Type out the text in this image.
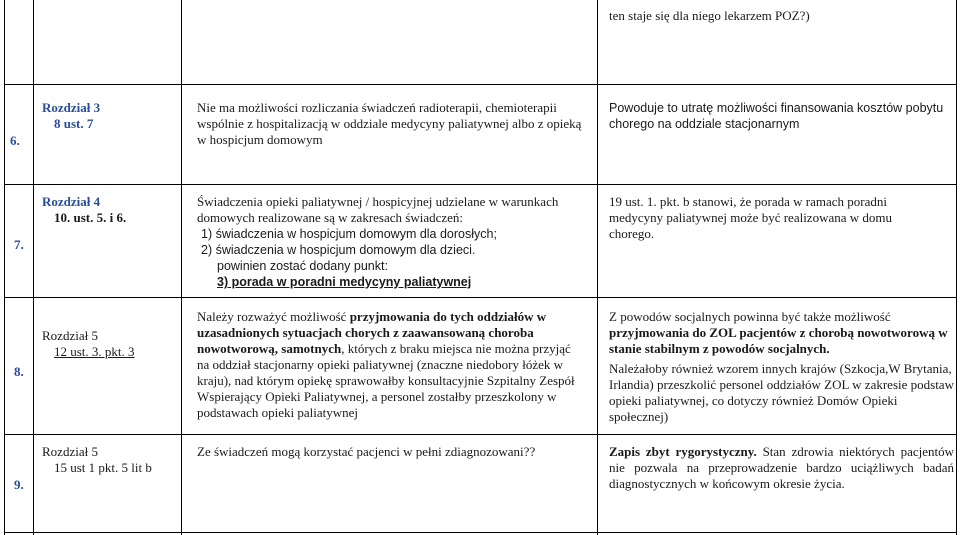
ten staje się dla niego lekarzem POZ?)
6.
Rozdział 3
8 ust. 7
Nie ma możliwości rozliczania świadczeń radioterapii, chemioterapii wspólnie z hospitalizacją w oddziale medycyny paliatywnej albo z opieką w hospicjum domowym
Powoduje to utratę możliwości finansowania kosztów pobytu chorego na oddziale stacjonarnym
7.
Rozdział 4
10. ust. 5. i 6.
Świadczenia opieki paliatywnej / hospicyjnej udzielane w warunkach
domowych realizowane są w zakresach świadczeń:
1) świadczenia w hospicjum domowym dla dorosłych;
2) świadczenia w hospicjum domowym dla dzieci.
powinien zostać dodany punkt:
3) porada w poradni medycyny paliatywnej
19 ust. 1. pkt. b stanowi, że porada w ramach poradni medycyny paliatywnej może być realizowana w domu chorego.
8.
Rozdział 5
12 ust. 3. pkt. 3
Należy rozważyć możliwość przyjmowania do tych oddziałów w uzasadnionych sytuacjach chorych z zaawansowaną choroba nowotworową, samotnych, których z braku miejsca nie można przyjąć na oddział stacjonarny opieki paliatywnej (znaczne niedobory łóżek w kraju), nad którym opiekę sprawowałby konsultacyjnie Szpitalny Zespół Wspierający Opieki Paliatywnej, a personel zostałby przeszkolony w podstawach opieki paliatywnej
Z powodów socjalnych powinna być także możliwość przyjmowania do ZOL pacjentów z chorobą nowotworową w stanie stabilnym z powodów socjalnych.
Należałoby również wzorem innych krajów (Szkocja,W Brytania, Irlandia) przeszkolić personel oddziałów ZOL w zakresie podstaw opieki paliatywnej, co dotyczy również Domów Opieki społecznej)
9.
Rozdział 5
15 ust 1 pkt. 5 lit b
Ze świadczeń mogą korzystać pacjenci w pełni zdiagnozowani??	Zapis zbyt rygorystyczny. Stan zdrowia niektórych pacjentów nie pozwala na przeprowadzenie bardzo uciążliwych badań diagnostycznych w końcowym okresie życia.
